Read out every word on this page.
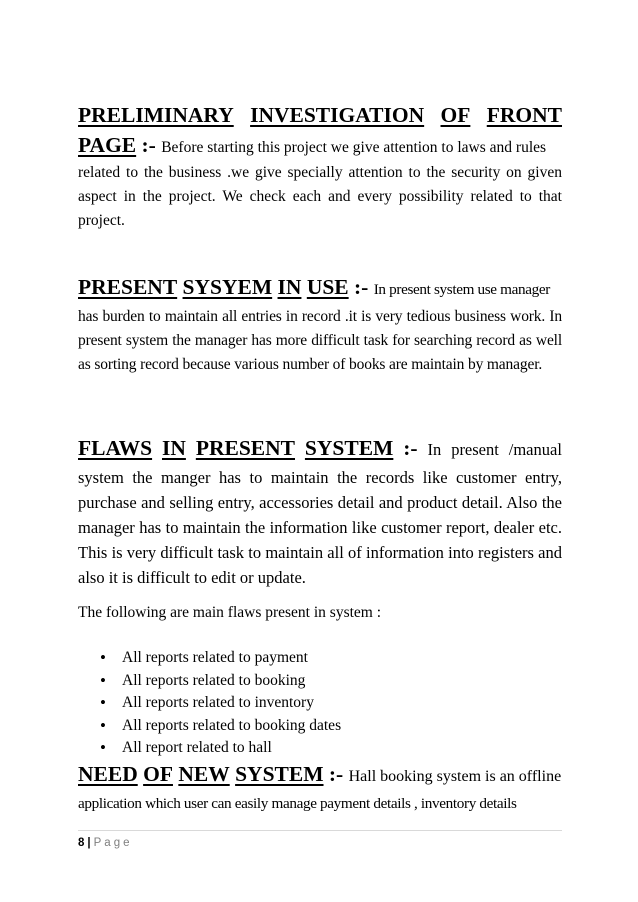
PRELIMINARY INVESTIGATION OF FRONT
PAGE :- Before starting this project we give attention to laws and rules

related to the business .we give specially attention to the security on given aspect in the project. We check each and every possibility related to that project.

PRESENT SYSYEM IN USE :- In present system use manager

has burden to maintain all entries in record .it is very tedious business work. In present system the manager has more difficult task for searching record as well as sorting record because various number of books are maintain by manager.

FLAWS IN PRESENT SYSTEM :- In present /manual

system the manger has to maintain the records like customer entry, purchase and selling entry, accessories detail and product detail. Also the manager has to maintain the information like customer report, dealer etc. This is very difficult task to maintain all of information into registers and also it is difficult to edit or update.

The following are main flaws present in system :

• All reports related to payment
• All reports related to booking
• All reports related to inventory
• All reports related to booking dates
• All report related to hall
NEED OF NEW SYSTEM :- Hall booking system is an offline

application which user can easily manage payment details , inventory details

8 | Page
